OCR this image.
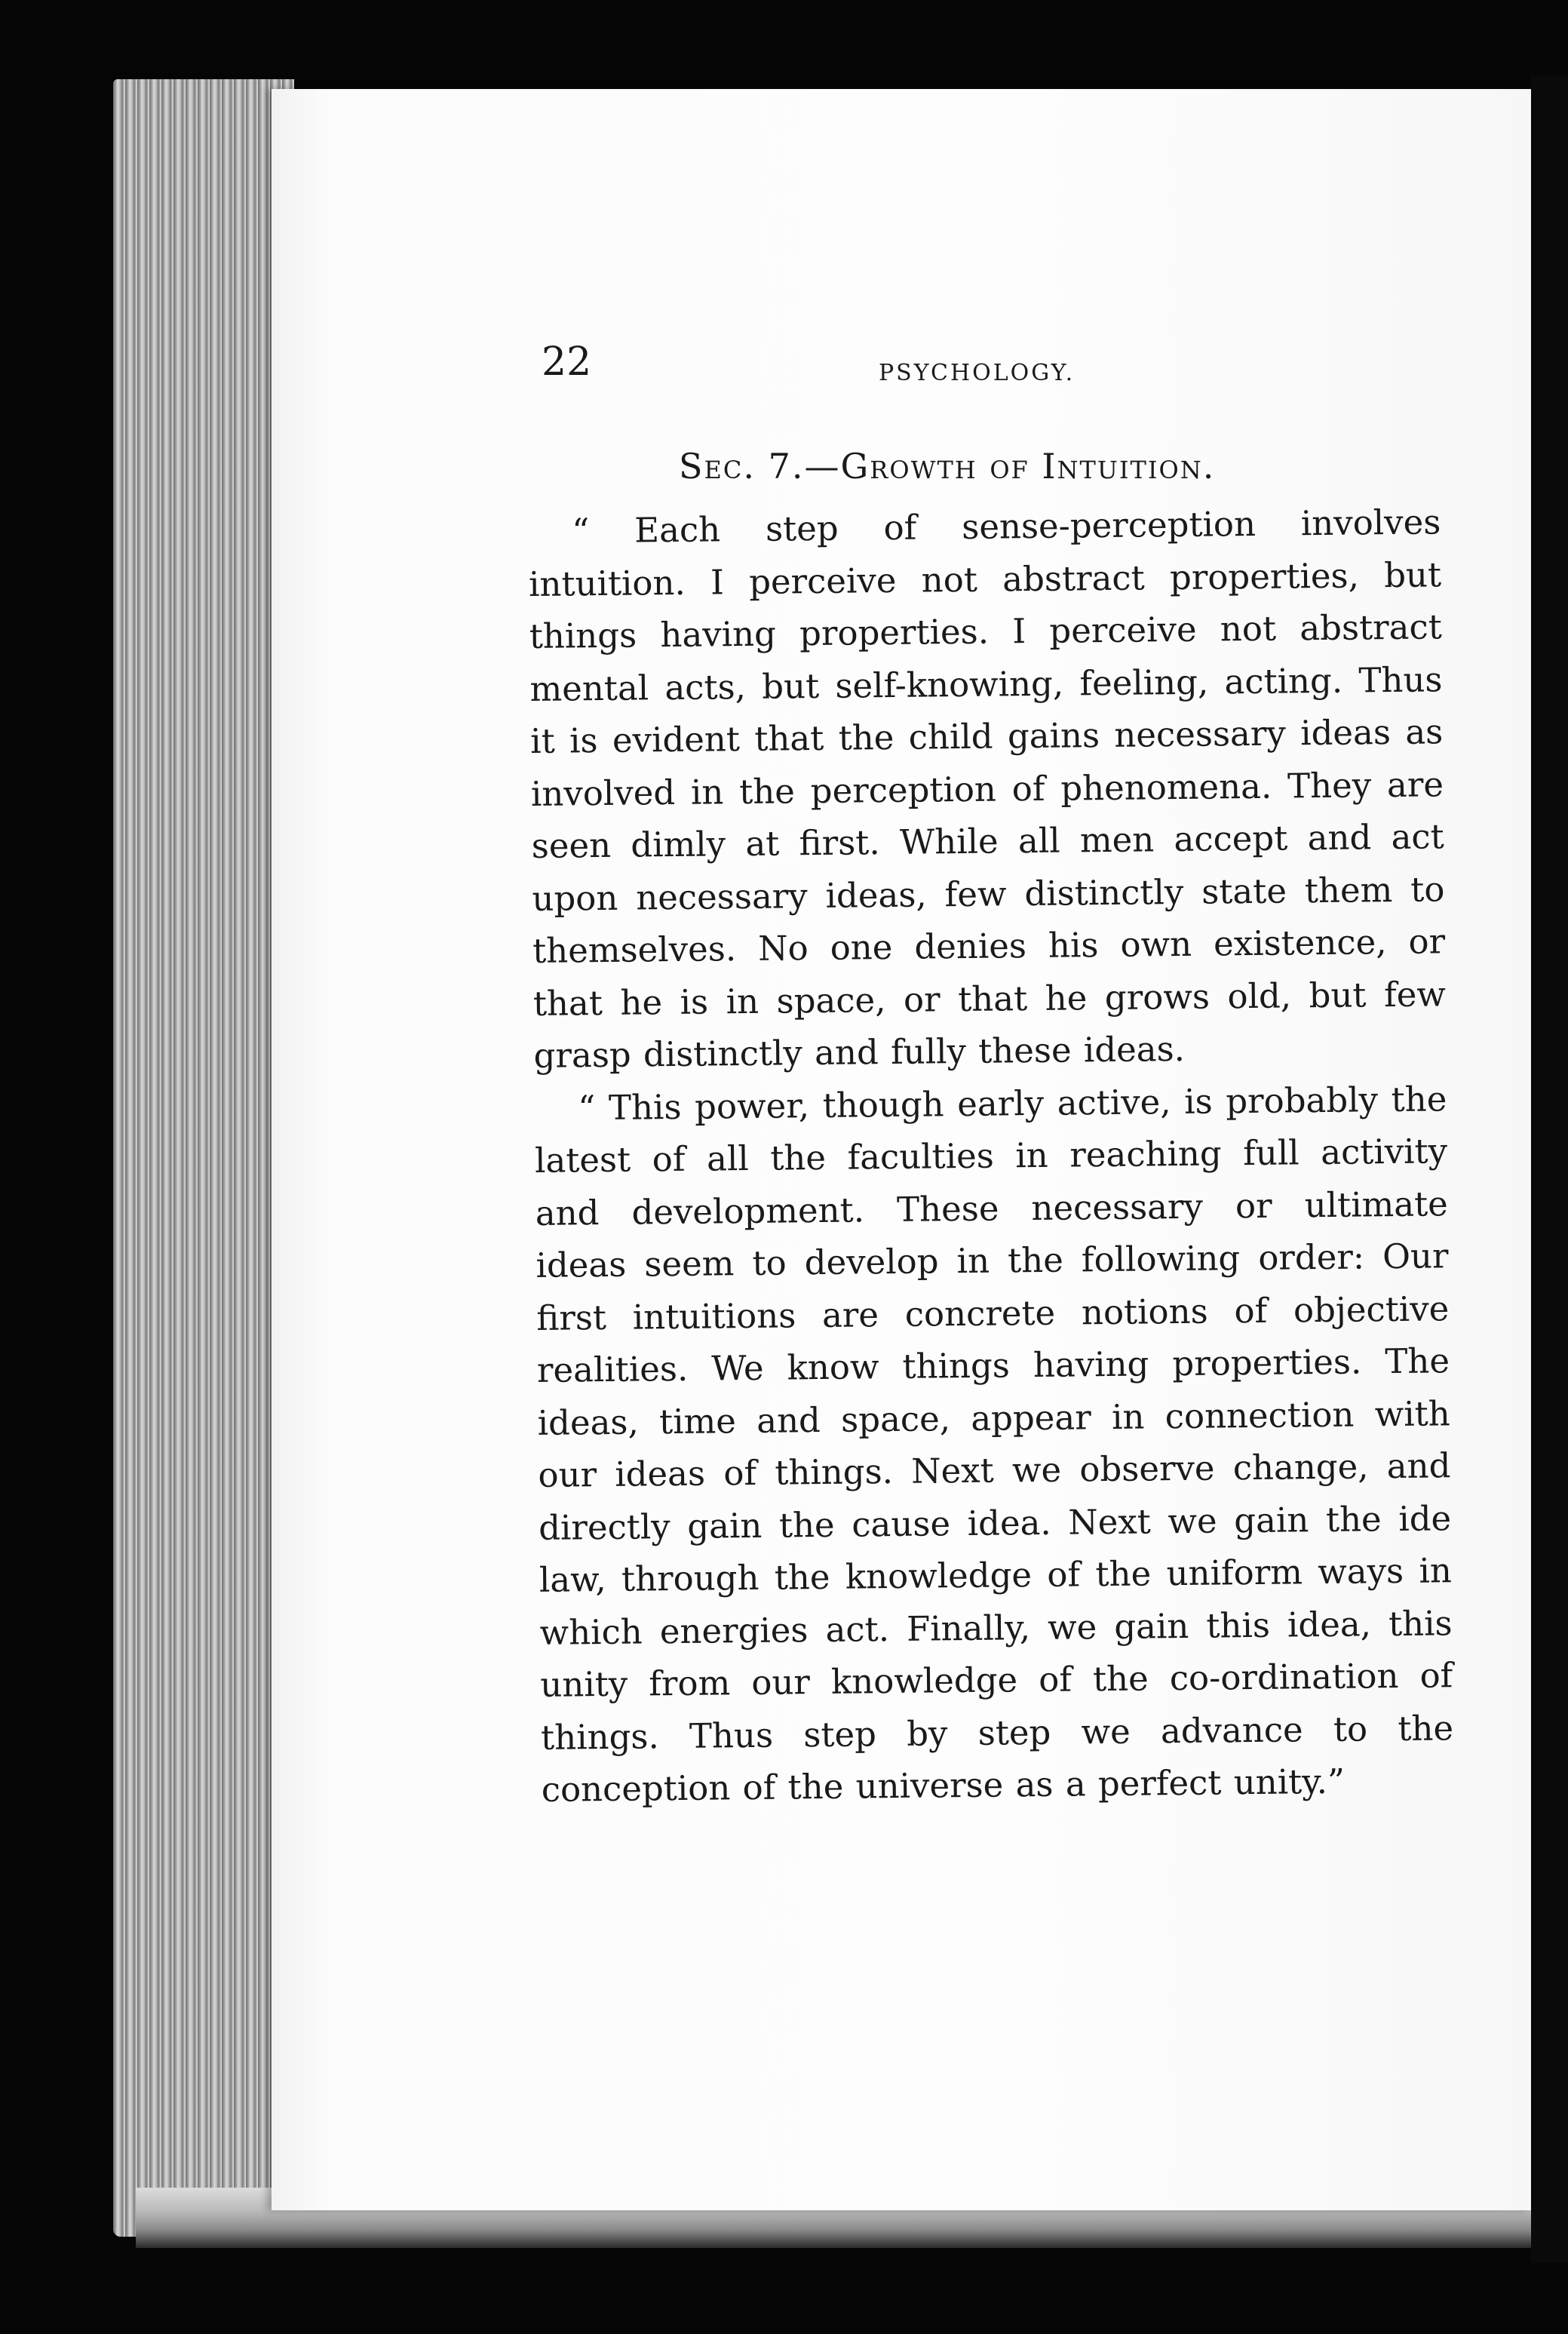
22	PSYCHOLOGY.
Sec. 7.—Growth of Intuition.

“ Each step of sense-perception involves intuition. I perceive not abstract properties, but things having properties. I perceive not abstract mental acts, but self-knowing, feeling, acting. Thus it is evident that the child gains necessary ideas as involved in the perception of phenomena. They are seen dimly at first. While all men accept and act upon necessary ideas, few distinctly state them to themselves. No one denies his own existence, or that he is in space, or that he grows old, but few grasp distinctly and fully these ideas.

“ This power, though early active, is probably the latest of all the faculties in reaching full activity and development. These necessary or ultimate ideas seem to develop in the following order: Our first intuitions are concrete notions of objective realities. We know things having properties. The ideas, time and space, appear in connection with our ideas of things. Next we observe change, and directly gain the cause idea. Next we gain the ide law, through the knowledge of the uniform ways in which energies act. Finally, we gain this idea, this unity from our knowledge of the co-ordination of things. Thus step by step we advance to the conception of the universe as a perfect unity.”
